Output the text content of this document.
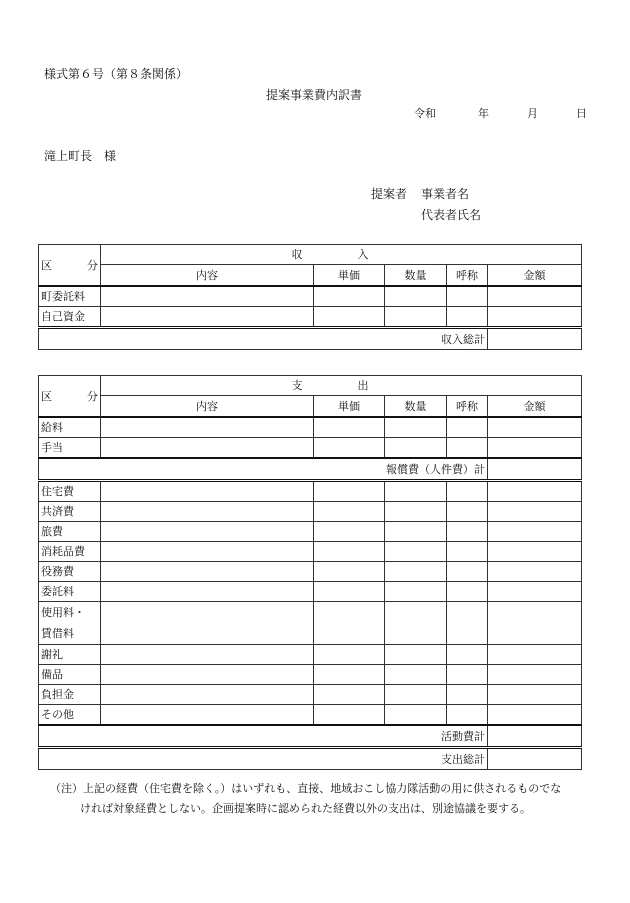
様式第６号（第８条関係）
提案事業費内訳書
令和	年	月	日
滝上町長　様
提案者 事業者名
代表者氏名
区　分	収　入				
	内容	単価	数量	呼称	金額
町委託料					
自己資金					
収入総計					
区　分	支　出				
	内容	単価	数量	呼称	金額
給料					
手当					
報償費（人件費）計					
住宅費					
共済費					
旅費					
消耗品費					
役務費					
委託料					
使用料・
賃借料					
謝礼					
備品					
負担金					
その他					
活動費計					
支出総計					
（注）上記の経費（住宅費を除く。）はいずれも、直接、地域おこし協力隊活動の用に供されるものでな
ければ対象経費としない。企画提案時に認められた経費以外の支出は、別途協議を要する。
